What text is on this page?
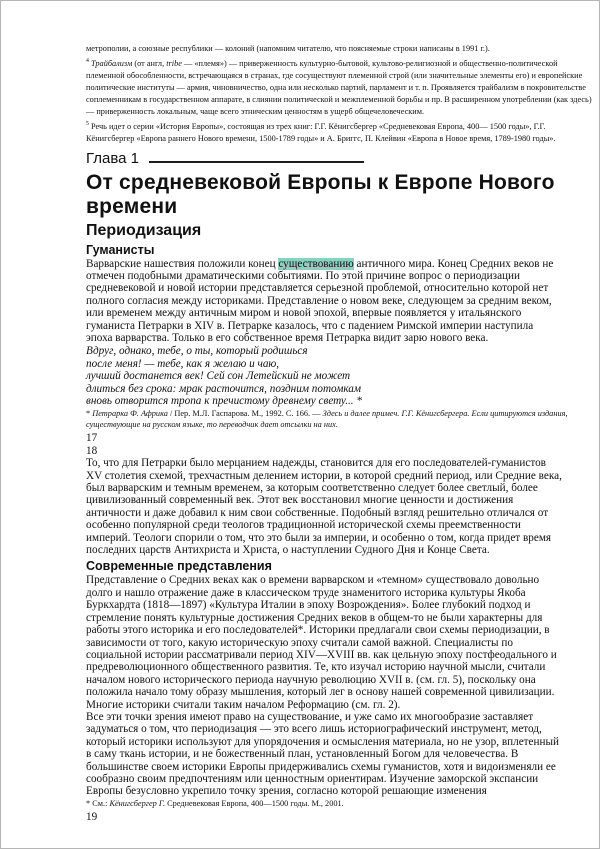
метрополии, а союзные республики — колоний (напомним читателю, что поясняемые строки написаны в 1991 г.).

$^4$ Трайбализм (от англ, tribe — «племя») — приверженность культурно-бытовой, культово-религиозной и общественно-политической племенной обособленности, встречающаяся в странах, где сосуществуют племенной строй (или значительные элементы его) и европейские политические институты — армия, чиновничество, одна или несколько партий, парламент и т. п. Проявляется трайбализм в покровительстве соплеменникам в государственном аппарате, в слиянии политической и межплеменной борьбы и пр. В расширенном употреблении (как здесь) — приверженность локальным, чаще всего этническим ценностям в ущерб общечеловеческим.

$^5$ Речь идет о серии «История Европы», состоящая из трех книг: Г.Г. Кёнигсбергер «Средневековая Европа, 400— 1500 годы», Г.Г. Кёнигсбергер «Европа раннего Нового времени, 1500-1789 годы» и А. Бриггс, П. Клейвин «Европа в Новое время, 1789-1980 годы».

Глава 1
От средневековой Европы к Европе Нового времени
Периодизация
Гуманисты

Варварские нашествия положили конец существованию античного мира. Конец Средних веков не отмечен подобными драматическими событиями. По этой причине вопрос о периодизации средневековой и новой истории представляется серьезной проблемой, относительно которой нет полного согласия между историками. Представление о новом веке, следующем за средним веком, или временем между античным миром и новой эпохой, впервые появляется у итальянского гуманиста Петрарки в XIV в. Петрарке казалось, что с падением Римской империи наступила эпоха варварства. Только в его собственное время Петрарка видит зарю нового века.

Вдруг, однако, тебе, о ты, который родишься
после меня! — тебе, как я желаю и чаю,
лучший достанется век! Сей сон Летейский не может
длиться без срока: мрак расточится, поздним потомкам
вновь отворится тропа к пречистому древнему свету... *

* Петрарка Ф. Африка / Пер. М.Л. Гаспарова. М., 1992. С. 166. — Здесь и далее примеч. Г.Г. Кёнигсбергера. Если цитируются издания, существующие на русском языке, то переводчик дает отсылки на них.

17
18

То, что для Петрарки было мерцанием надежды, становится для его последователей-гуманистов XV столетия схемой, трехчастным делением истории, в которой средний период, или Средние века, был варварским и темным временем, за которым соответственно следует более светлый, более цивилизованный современный век. Этот век восстановил многие ценности и достижения античности и даже добавил к ним свои собственные. Подобный взгляд решительно отличался от особенно популярной среди теологов традиционной исторической схемы преемственности империй. Теологи спорили о том, что это были за империи, и особенно о том, когда придет время последних царств Антихриста и Христа, о наступлении Судного Дня и Конце Света.

Современные представления

Представление о Средних веках как о времени варварском и «темном» существовало довольно долго и нашло отражение даже в классическом труде знаменитого историка культуры Якоба Буркхардта (1818—1897) «Культура Италии в эпоху Возрождения». Более глубокий подход и стремление понять культурные достижения Средних веков в общем-то не были характерны для работы этого историка и его последователей*. Историки предлагали свои схемы периодизации, в зависимости от того, какую историческую эпоху считали самой важной. Специалисты по социальной истории рассматривали период XIV—XVIII вв. как цельную эпоху постфеодального и предреволюционного общественного развития. Те, кто изучал историю научной мысли, считали началом нового исторического периода научную революцию XVII в. (см. гл. 5), поскольку она положила начало тому образу мышления, который лег в основу нашей современной цивилизации. Многие историки считали таким началом Реформацию (см. гл. 2).

Все эти точки зрения имеют право на существование, и уже само их многообразие заставляет задуматься о том, что периодизация — это всего лишь историографический инструмент, метод, который историки используют для упорядочения и осмысления материала, но не узор, вплетенный в саму ткань истории, и не божественный план, установленный Богом для человечества. В большинстве своем историки Европы придерживались схемы гуманистов, хотя и видоизменяли ее сообразно своим предпочтениям или ценностным ориентирам. Изучение заморской экспансии Европы безусловно укрепило точку зрения, согласно которой решающие изменения

* См.: Кёнигсбергер Г. Средневековая Европа, 400—1500 годы. М., 2001.

19
